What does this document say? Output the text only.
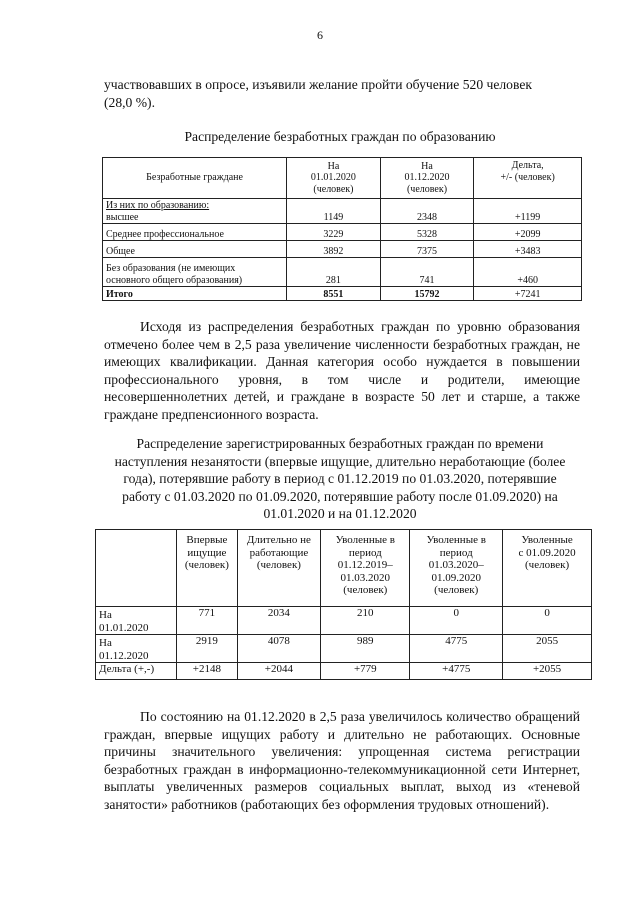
6

участвовавших в опросе, изъявили желание пройти обучение 520 человек
(28,0 %).

Распределение безработных граждан по образованию

Безработные граждане	На
01.01.2020
(человек)	На
01.12.2020
(человек)	Дельта,
+/- (человек)
Из них по образованию:
высшее	1149	2348	+1199
Среднее профессиональное	3229	5328	+2099
Общее	3892	7375	+3483
Без образования (не имеющих
основного общего образования)	281	741	+460
Итого	8551	15792	+7241

Исходя из распределения безработных граждан по уровню образования отмечено более чем в 2,5 раза увеличение численности безработных граждан, не имеющих квалификации. Данная категория особо нуждается в повышении профессионального уровня, в том числе и родители, имеющие несовершеннолетних детей, и граждане в возрасте 50 лет и старше, а также граждане предпенсионного возраста.

Распределение зарегистрированных безработных граждан по времени
наступления незанятости (впервые ищущие, длительно неработающие (более
года), потерявшие работу в период с 01.12.2019 по 01.03.2020, потерявшие
работу с 01.03.2020 по 01.09.2020, потерявшие работу после 01.09.2020) на
01.01.2020 и на 01.12.2020

	Впервые
ищущие
(человек)	Длительно не
работающие
(человек)	Уволенные в
период
01.12.2019–
01.03.2020
(человек)	Уволенные в
период
01.03.2020–
01.09.2020
(человек)	Уволенные
с 01.09.2020
(человек)
На
01.01.2020	771	2034	210	0	0
На
01.12.2020	2919	4078	989	4775	2055
Дельта (+,-)	+2148	+2044	+779	+4775	+2055

По состоянию на 01.12.2020 в 2,5 раза увеличилось количество обращений граждан, впервые ищущих работу и длительно не работающих. Основные причины значительного увеличения: упрощенная система регистрации безработных граждан в информационно-телекоммуникационной сети Интернет, выплаты увеличенных размеров социальных выплат, выход из «теневой занятости» работников (работающих без оформления трудовых отношений).
